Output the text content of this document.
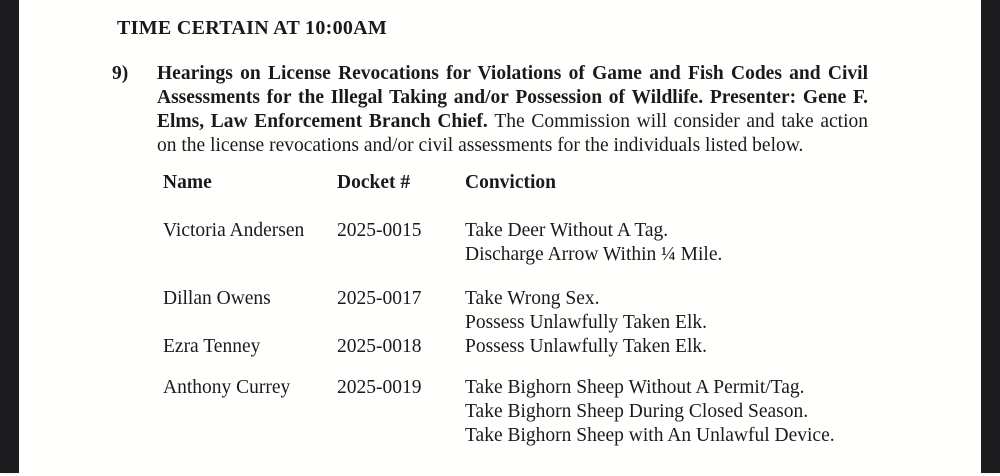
TIME CERTAIN AT 10:00AM
9) Hearings on License Revocations for Violations of Game and Fish Codes and Civil Assessments for the Illegal Taking and/or Possession of Wildlife. Presenter: Gene F. Elms, Law Enforcement Branch Chief. The Commission will consider and take action on the license revocations and/or civil assessments for the individuals listed below.

Name	Docket #	Conviction
Victoria Andersen	2025-0015	Take Deer Without A Tag.
Discharge Arrow Within ¼ Mile.
Dillan Owens	2025-0017	Take Wrong Sex.
Possess Unlawfully Taken Elk.
Ezra Tenney	2025-0018	Possess Unlawfully Taken Elk.
Anthony Currey	2025-0019	Take Bighorn Sheep Without A Permit/Tag.
Take Bighorn Sheep During Closed Season.
Take Bighorn Sheep with An Unlawful Device.
